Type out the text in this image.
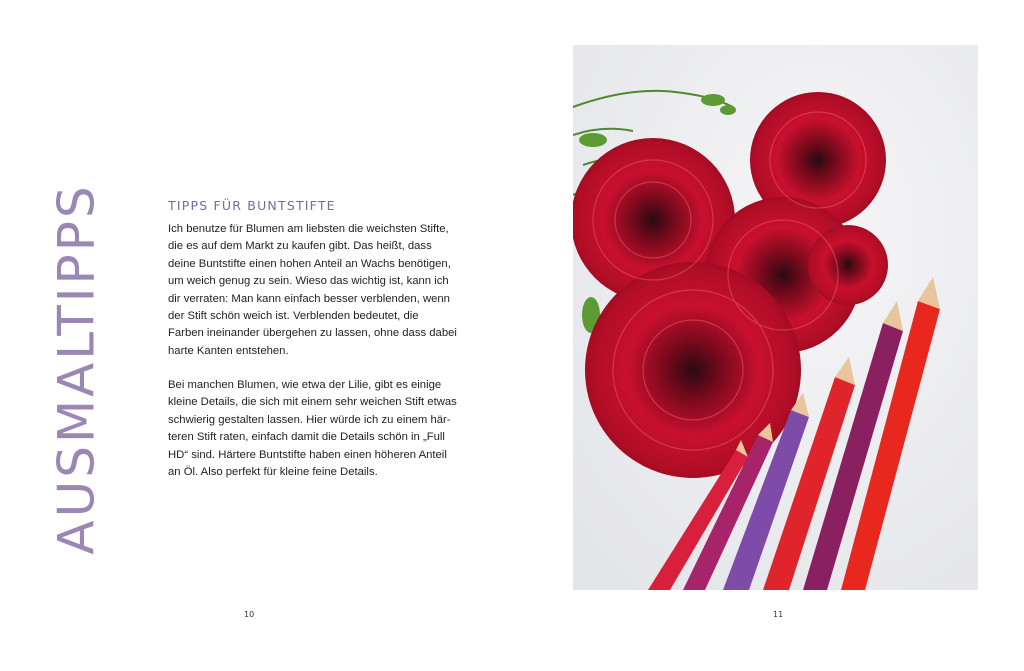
AUSMALTIPPS	TIPPS FÜR BUNTSTIFTE
Ich benutze für Blumen am liebsten die weichsten Stifte,
die es auf dem Markt zu kaufen gibt. Das heißt, dass
deine Buntstifte einen hohen Anteil an Wachs benötigen,
um weich genug zu sein. Wieso das wichtig ist, kann ich
dir verraten: Man kann einfach besser verblenden, wenn
der Stift schön weich ist. Verblenden bedeutet, die
Farben ineinander übergehen zu lassen, ohne dass dabei
harte Kanten entstehen.
Bei manchen Blumen, wie etwa der Lilie, gibt es einige
kleine Details, die sich mit einem sehr weichen Stift etwas
schwierig gestalten lassen. Hier würde ich zu einem här-
teren Stift raten, einfach damit die Details schön in „Full
HD“ sind. Härtere Buntstifte haben einen höheren Anteil
an Öl. Also perfekt für kleine feine Details.
10	11
